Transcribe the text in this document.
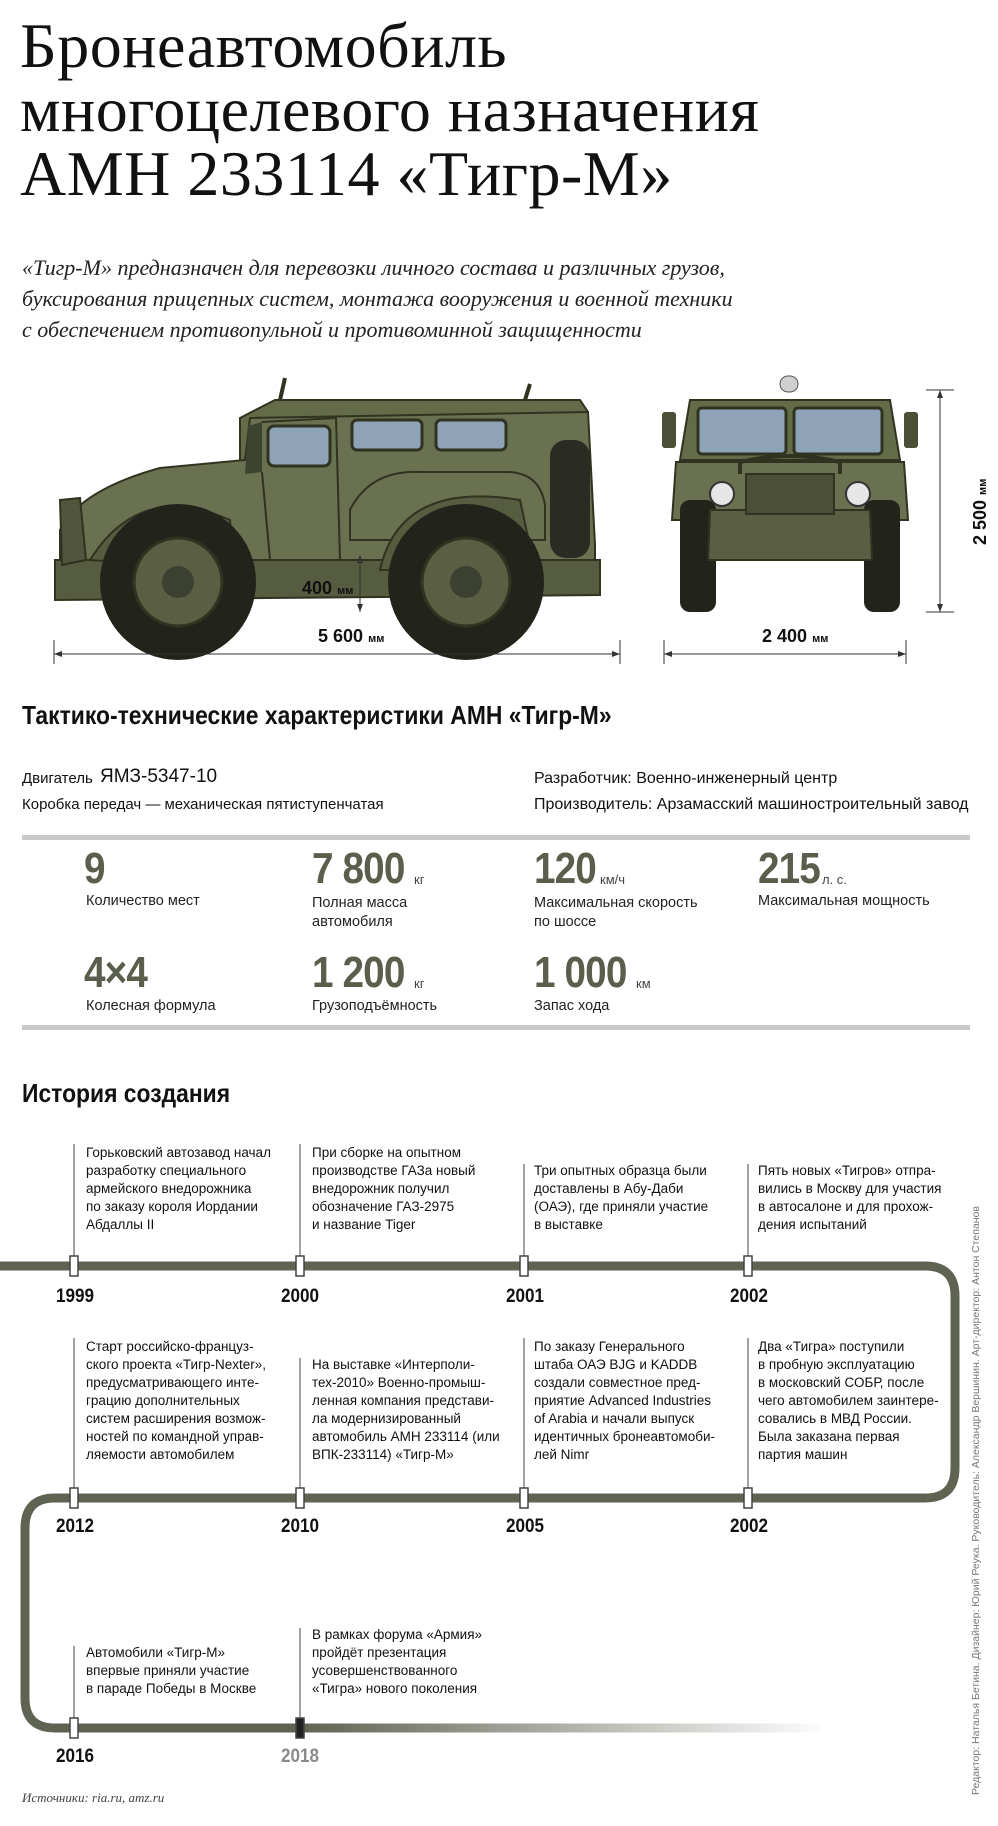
Бронеавтомобиль
многоцелевого назначения
АМН 233114 «Тигр-М»
«Тигр-М» предназначен для перевозки личного состава и различных грузов,
буксирования прицепных систем, монтажа вооружения и военной техники
с обеспечением противопульной и противоминной защищенности
400 мм
5 600 мм	2 400 мм
2 500 мм
Тактико-технические характеристики АМН «Тигр-М»
Двигатель ЯМЗ-5347-10
Коробка передач — механическая пятиступенчатая
Разработчик: Военно-инженерный центр
Производитель: Арзамасский машиностроительный завод
9
Количество мест
7 800 кг
Полная масса
автомобиля
120 км/ч
Максимальная скорость
по шоссе
215 л. с.
Максимальная мощность
4×4
Колесная формула
1 200 кг
Грузоподъёмность
1 000 км
Запас хода
История создания
Горьковский автозавод начал
разработку специального
армейского внедорожника
по заказу короля Иордании
Абдаллы II
При сборке на опытном
производстве ГАЗа новый
внедорожник получил
обозначение ГАЗ-2975
и название Tiger
Три опытных образца были
доставлены в Абу-Даби
(ОАЭ), где приняли участие
в выставке
Пять новых «Тигров» отпра-
вились в Москву для участия
в автосалоне и для прохож-
дения испытаний
1999	2000	2001	2002
Старт российско-француз-
ского проекта «Тигр-Nexter»,
предусматривающего инте-
грацию дополнительных
систем расширения возмож-
ностей по командной управ-
ляемости автомобилем
На выставке «Интерполи-
тех-2010» Военно-промыш-
ленная компания представи-
ла модернизированный
автомобиль АМН 233114 (или
ВПК-233114) «Тигр-М»
По заказу Генерального
штаба ОАЭ BJG и KADDB
создали совместное пред-
приятие Advanced Industries
of Arabia и начали выпуск
идентичных бронеавтомоби-
лей Nimr
Два «Тигра» поступили
в пробную эксплуатацию
в московский СОБР, после
чего автомобилем заинтере-
совались в МВД России.
Была заказана первая
партия машин
2012	2010	2005	2002
Автомобили «Тигр-М»
впервые приняли участие
в параде Победы в Москве
В рамках форума «Армия»
пройдёт презентация
усовершенствованного
«Тигра» нового поколения
2016	2018
Источники: ria.ru, amz.ru
Редактор: Наталья Бетина. Дизайнер: Юрий Реука. Руководитель: Александр Вершинин. Арт-директор: Антон Степанов
